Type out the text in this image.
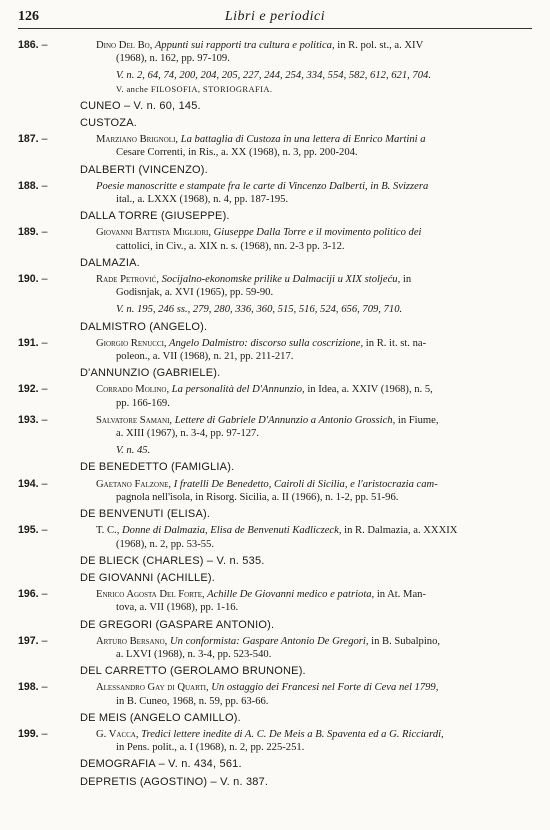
126	Libri e periodici
186. –	Dino Del Bo, Appunti sui rapporti tra cultura e politica, in R. pol. st., a. XIV
(1968), n. 162, pp. 97-109.
V. n. 2, 64, 74, 200, 204, 205, 227, 244, 254, 334, 554, 582, 612, 621, 704.
V. anche FILOSOFIA, STORIOGRAFIA.
CUNEO – V. n. 60, 145.
CUSTOZA.
187. –	Marziano Brignoli, La battaglia di Custoza in una lettera di Enrico Martini a
Cesare Correnti, in Ris., a. XX (1968), n. 3, pp. 200-204.
DALBERTI (VINCENZO).
188. –	Poesie manoscritte e stampate fra le carte di Vincenzo Dalberti, in B. Svizzera
ital., a. LXXX (1968), n. 4, pp. 187-195.
DALLA TORRE (GIUSEPPE).
189. –	Giovanni Battista Migliori, Giuseppe Dalla Torre e il movimento politico dei
cattolici, in Civ., a. XIX n. s. (1968), nn. 2-3 pp. 3-12.
DALMAZIA.
190. –	Rade Petrović, Socijalno-ekonomske prilike u Dalmaciji u XIX stoljeću, in
Godisnjak, a. XVI (1965), pp. 59-90.
V. n. 195, 246 ss., 279, 280, 336, 360, 515, 516, 524, 656, 709, 710.
DALMISTRO (ANGELO).
191. –	Giorgio Renucci, Angelo Dalmistro: discorso sulla coscrizione, in R. it. st. na-
poleon., a. VII (1968), n. 21, pp. 211-217.
D'ANNUNZIO (GABRIELE).
192. –	Corrado Molino, La personalità del D'Annunzio, in Idea, a. XXIV (1968), n. 5,
pp. 166-169.
193. –	Salvatore Samani, Lettere di Gabriele D'Annunzio a Antonio Grossich, in Fiume,
a. XIII (1967), n. 3-4, pp. 97-127.
V. n. 45.
DE BENEDETTO (FAMIGLIA).
194. –	Gaetano Falzone, I fratelli De Benedetto, Cairoli di Sicilia, e l'aristocrazia cam-
pagnola nell'isola, in Risorg. Sicilia, a. II (1966), n. 1-2, pp. 51-96.
DE BENVENUTI (ELISA).
195. –	T. C., Donne di Dalmazia, Elisa de Benvenuti Kadliczeck, in R. Dalmazia, a. XXXIX
(1968), n. 2, pp. 53-55.
DE BLIECK (CHARLES) – V. n. 535.
DE GIOVANNI (ACHILLE).
196. –	Enrico Agosta Del Forte, Achille De Giovanni medico e patriota, in At. Man-
tova, a. VII (1968), pp. 1-16.
DE GREGORI (GASPARE ANTONIO).
197. –	Arturo Bersano, Un conformista: Gaspare Antonio De Gregori, in B. Subalpino,
a. LXVI (1968), n. 3-4, pp. 523-540.
DEL CARRETTO (GEROLAMO BRUNONE).
198. –	Alessandro Gay di Quarti, Un ostaggio dei Francesi nel Forte di Ceva nel 1799,
in B. Cuneo, 1968, n. 59, pp. 63-66.
DE MEIS (ANGELO CAMILLO).
199. –	G. Vacca, Tredici lettere inedite di A. C. De Meis a B. Spaventa ed a G. Ricciardi,
in Pens. polit., a. I (1968), n. 2, pp. 225-251.
DEMOGRAFIA – V. n. 434, 561.
DEPRETIS (AGOSTINO) – V. n. 387.
